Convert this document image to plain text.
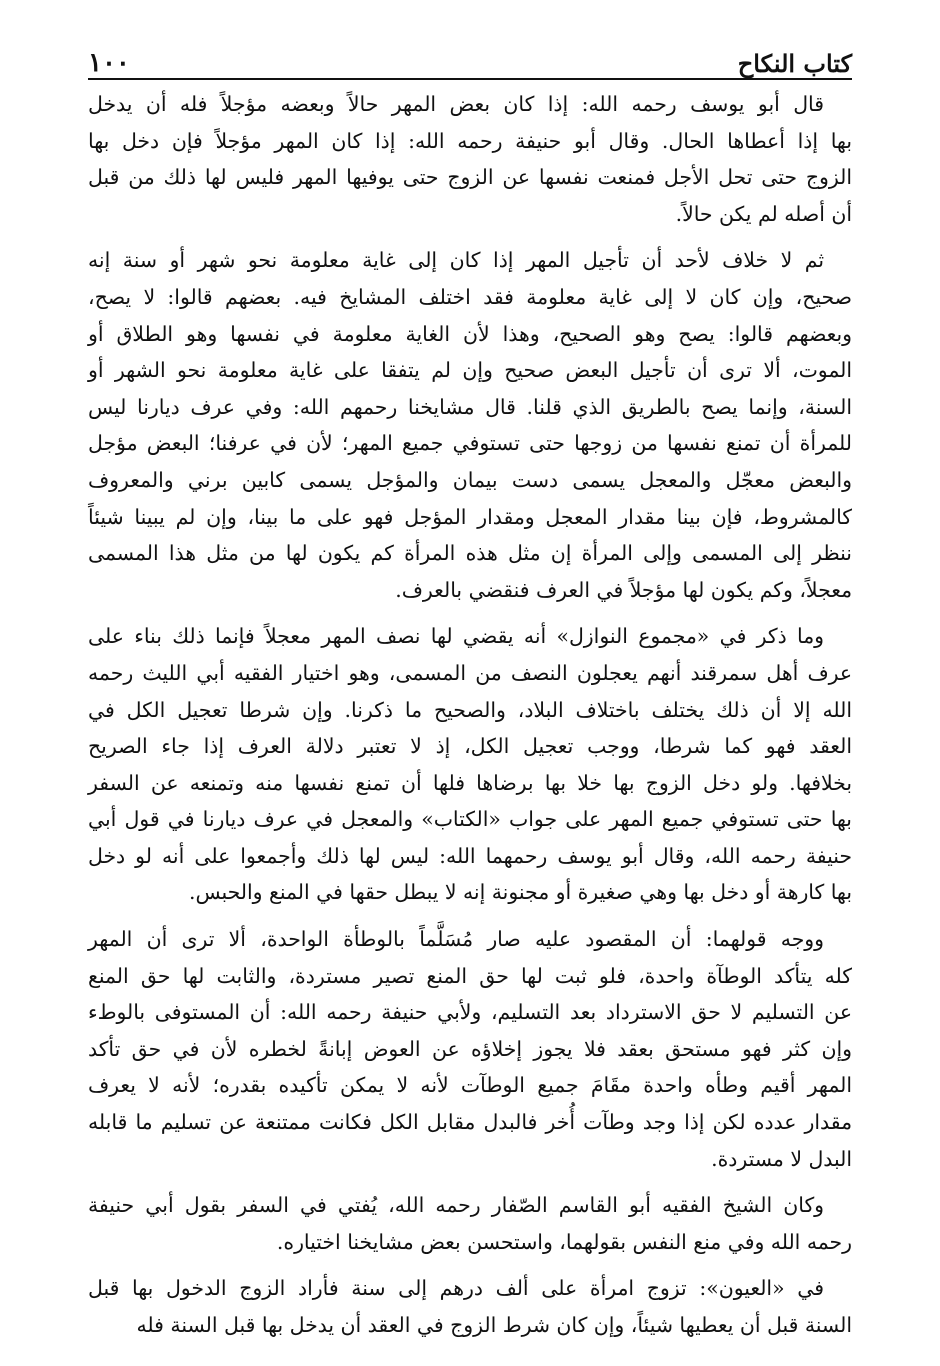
كتاب النكاح
١٠٠

قال أبو يوسف رحمه الله: إذا كان بعض المهر حالاً وبعضه مؤجلاً فله أن يدخل
بها إذا أعطاها الحال. وقال أبو حنيفة رحمه الله: إذا كان المهر مؤجلاً فإن دخل بها
الزوج حتى تحل الأجل فمنعت نفسها عن الزوج حتى يوفيها المهر فليس لها ذلك من قبل
أن أصله لم يكن حالاً.

ثم لا خلاف لأحد أن تأجيل المهر إذا كان إلى غاية معلومة نحو شهر أو سنة إنه
صحيح، وإن كان لا إلى غاية معلومة فقد اختلف المشايخ فيه. بعضهم قالوا: لا يصح،
وبعضهم قالوا: يصح وهو الصحيح، وهذا لأن الغاية معلومة في نفسها وهو الطلاق أو
الموت، ألا ترى أن تأجيل البعض صحيح وإن لم يتفقا على غاية معلومة نحو الشهر أو
السنة، وإنما يصح بالطريق الذي قلنا. قال مشايخنا رحمهم الله: وفي عرف ديارنا ليس
للمرأة أن تمنع نفسها من زوجها حتى تستوفي جميع المهر؛ لأن في عرفنا؛ البعض مؤجل
والبعض معجّل والمعجل يسمى دست بيمان والمؤجل يسمى كابين برني والمعروف
كالمشروط، فإن بينا مقدار المعجل ومقدار المؤجل فهو على ما بينا، وإن لم يبينا شيئاً
ننظر إلى المسمى وإلى المرأة إن مثل هذه المرأة كم يكون لها من مثل هذا المسمى
معجلاً، وكم يكون لها مؤجلاً في العرف فنقضي بالعرف.

وما ذكر في «مجموع النوازل» أنه يقضي لها نصف المهر معجلاً فإنما ذلك بناء على
عرف أهل سمرقند أنهم يعجلون النصف من المسمى، وهو اختيار الفقيه أبي الليث رحمه
الله إلا أن ذلك يختلف باختلاف البلاد، والصحيح ما ذكرنا. وإن شرطا تعجيل الكل في
العقد فهو كما شرطا، ووجب تعجيل الكل، إذ لا تعتبر دلالة العرف إذا جاء الصريح
بخلافها. ولو دخل الزوج بها خلا بها برضاها فلها أن تمنع نفسها منه وتمنعه عن السفر
بها حتى تستوفي جميع المهر على جواب «الكتاب» والمعجل في عرف ديارنا في قول أبي
حنيفة رحمه الله، وقال أبو يوسف رحمهما الله: ليس لها ذلك وأجمعوا على أنه لو دخل
بها كارهة أو دخل بها وهي صغيرة أو مجنونة إنه لا يبطل حقها في المنع والحبس.

ووجه قولهما: أن المقصود عليه صار مُسَلَّماً بالوطأة الواحدة، ألا ترى أن المهر
كله يتأكد الوطآة واحدة، فلو ثبت لها حق المنع تصير مستردة، والثابت لها حق المنع
عن التسليم لا حق الاسترداد بعد التسليم، ولأبي حنيفة رحمه الله: أن المستوفى بالوطء
وإن كثر فهو مستحق بعقد فلا يجوز إخلاؤه عن العوض إبانةً لخطره لأن في حق تأكد
المهر أقيم وطأه واحدة مقَامَ جميع الوطآت لأنه لا يمكن تأكيده بقدره؛ لأنه لا يعرف
مقدار عدده لكن إذا وجد وطآت أُخر فالبدل مقابل الكل فكانت ممتنعة عن تسليم ما قابله
البدل لا مستردة.

وكان الشيخ الفقيه أبو القاسم الصّفار رحمه الله، يُفتي في السفر بقول أبي حنيفة
رحمه الله وفي منع النفس بقولهما، واستحسن بعض مشايخنا اختياره.

في «العيون»: تزوج امرأة على ألف درهم إلى سنة فأراد الزوج الدخول بها قبل
السنة قبل أن يعطيها شيئاً، وإن كان شرط الزوج في العقد أن يدخل بها قبل السنة فله
